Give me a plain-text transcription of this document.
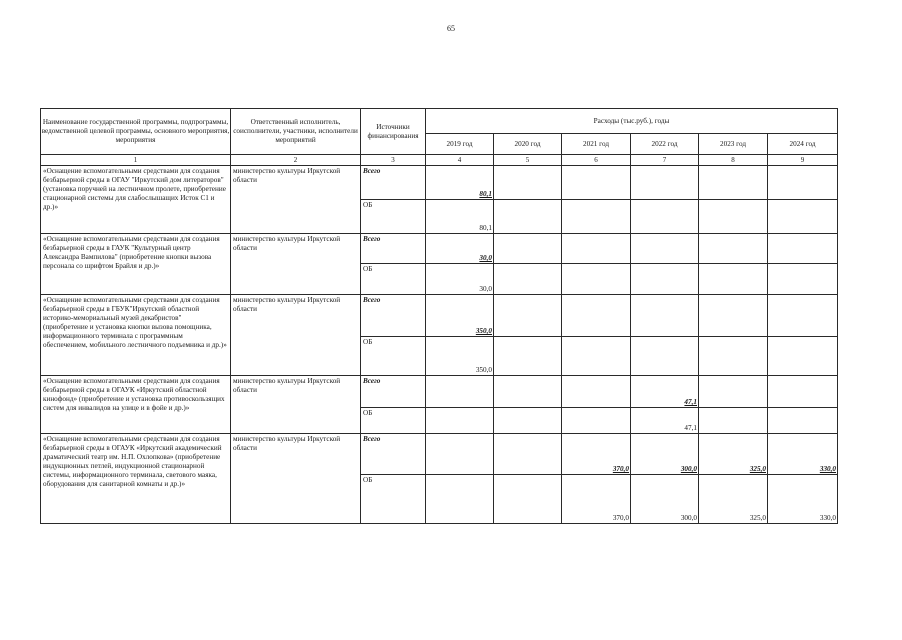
65
Наименование государственной программы, подпрограммы, ведомственной целевой программы, основного мероприятия, мероприятия	Ответственный исполнитель, соисполнители, участники, исполнители мероприятий	Источники финансирования	Расходы (тыс.руб.), годы					
			2019 год	2020 год	2021 год	2022 год	2023 год	2024 год
1	2	3	4	5	6	7	8	9
«Оснащение вспомогательными средствами для создания безбарьерной среды в ОГАУ "Иркутский дом литераторов" (установка поручней на лестничном пролете, приобретение стационарной системы для слабослышащих Исток С1 и др.)»	министерство культуры Иркутской области	Всего	80,1					
		ОБ	80,1					
«Оснащение вспомогательными средствами для создания безбарьерной среды в ГАУК "Культурный центр Александра Вампилова" (приобретение кнопки вызова персонала со шрифтом Брайля и др.)»	министерство культуры Иркутской области	Всего	30,0					
		ОБ	30,0					
«Оснащение вспомогательными средствами для создания безбарьерной среды в ГБУК"Иркутский областной историко-мемориальный музей декабристов" (приобретение и установка кнопки вызова помощника, информационного терминала с программным обеспечением, мобильного лестничного подъемника и др.)»	министерство культуры Иркутской области	Всего	350,0					
		ОБ	350,0					
«Оснащение вспомогательными средствами для создания безбарьерной среды в ОГАУК «Иркутский областной кинофонд» (приобретение и установка противоскользящих систем для инвалидов на улице и в фойе и др.)»	министерство культуры Иркутской области	Всего				47,1		
		ОБ				47,1		
«Оснащение вспомогательными средствами для создания безбарьерной среды в ОГАУК «Иркутский академический драматический театр им. Н.П. Охлопкова» (приобретение индукционных петлей, индукционной стационарной системы, информационного терминала, светового маяка, оборудования для санитарной комнаты и др.)»	министерство культуры Иркутской области	Всего			370,0	300,0	325,0	330,0
		ОБ			370,0	300,0	325,0	330,0
